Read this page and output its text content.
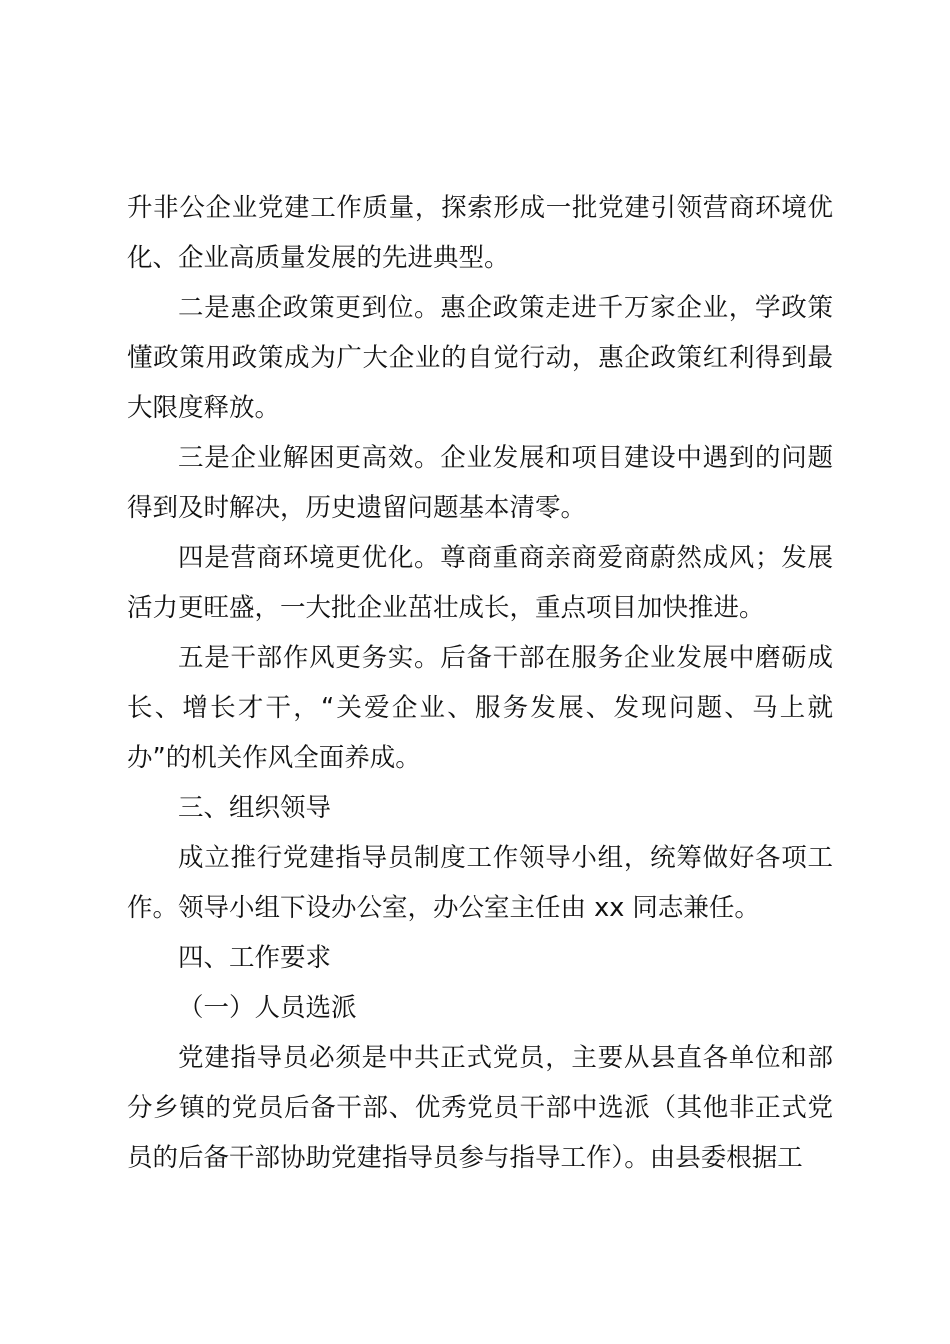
升非公企业党建工作质量，探索形成一批党建引领营商环境优化、企业高质量发展的先进典型。

二是惠企政策更到位。惠企政策走进千万家企业，学政策懂政策用政策成为广大企业的自觉行动，惠企政策红利得到最大限度释放。

三是企业解困更高效。企业发展和项目建设中遇到的问题得到及时解决，历史遗留问题基本清零。

四是营商环境更优化。尊商重商亲商爱商蔚然成风；发展活力更旺盛，一大批企业茁壮成长，重点项目加快推进。

五是干部作风更务实。后备干部在服务企业发展中磨砺成长、增长才干，“关爱企业、服务发展、发现问题、马上就办”的机关作风全面养成。

三、组织领导

成立推行党建指导员制度工作领导小组，统筹做好各项工作。领导小组下设办公室，办公室主任由 xx 同志兼任。

四、工作要求

（一）人员选派

党建指导员必须是中共正式党员，主要从县直各单位和部分乡镇的党员后备干部、优秀党员干部中选派（其他非正式党员的后备干部协助党建指导员参与指导工作）。由县委根据工
